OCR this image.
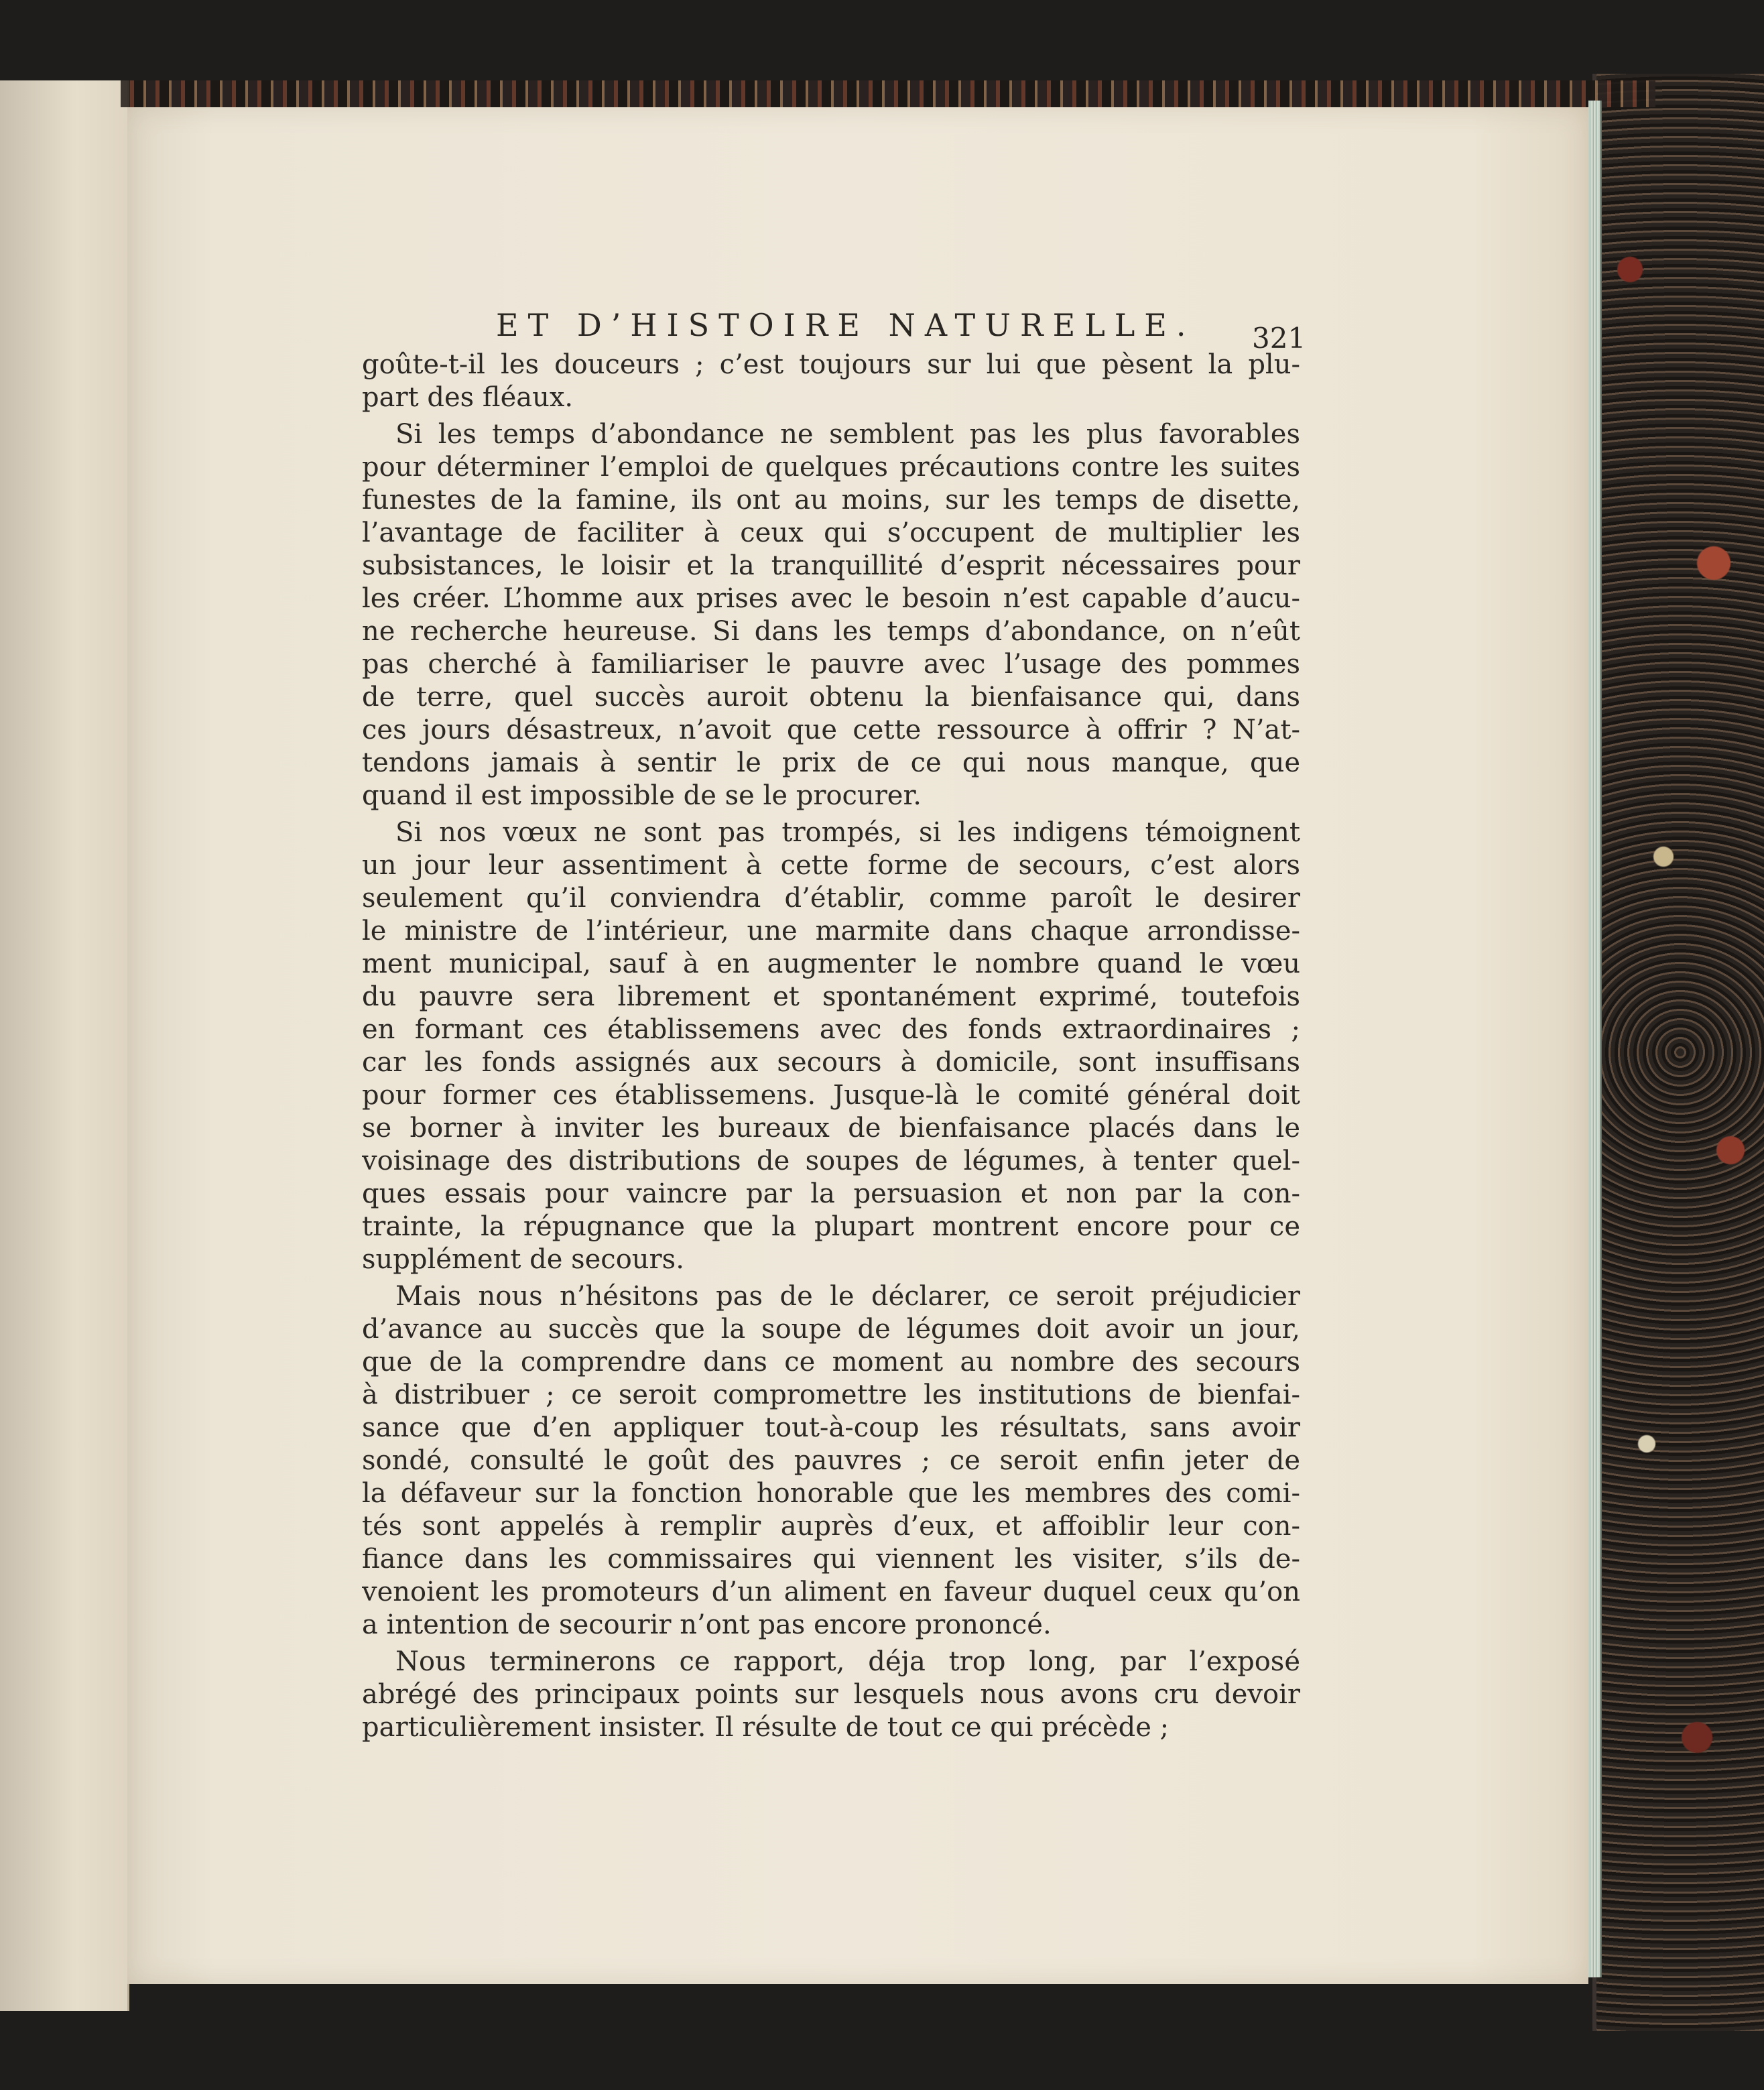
ET D’HISTOIRE NATURELLE.	321
goûte-t-il les douceurs ; c’est toujours sur lui que pèsent la plu-
part des fléaux.
Si les temps d’abondance ne semblent pas les plus favorables
pour déterminer l’emploi de quelques précautions contre les suites
funestes de la famine, ils ont au moins, sur les temps de disette,
l’avantage de faciliter à ceux qui s’occupent de multiplier les
subsistances, le loisir et la tranquillité d’esprit nécessaires pour
les créer. L’homme aux prises avec le besoin n’est capable d’aucu-
ne recherche heureuse. Si dans les temps d’abondance, on n’eût
pas cherché à familiariser le pauvre avec l’usage des pommes
de terre, quel succès auroit obtenu la bienfaisance qui, dans
ces jours désastreux, n’avoit que cette ressource à offrir ? N’at-
tendons jamais à sentir le prix de ce qui nous manque, que
quand il est impossible de se le procurer.
Si nos vœux ne sont pas trompés, si les indigens témoignent
un jour leur assentiment à cette forme de secours, c’est alors
seulement qu’il conviendra d’établir, comme paroît le desirer
le ministre de l’intérieur, une marmite dans chaque arrondisse-
ment municipal, sauf à en augmenter le nombre quand le vœu
du pauvre sera librement et spontanément exprimé, toutefois
en formant ces établissemens avec des fonds extraordinaires ;
car les fonds assignés aux secours à domicile, sont insuffisans
pour former ces établissemens. Jusque-là le comité général doit
se borner à inviter les bureaux de bienfaisance placés dans le
voisinage des distributions de soupes de légumes, à tenter quel-
ques essais pour vaincre par la persuasion et non par la con-
trainte, la répugnance que la plupart montrent encore pour ce
supplément de secours.
Mais nous n’hésitons pas de le déclarer, ce seroit préjudicier
d’avance au succès que la soupe de légumes doit avoir un jour,
que de la comprendre dans ce moment au nombre des secours
à distribuer ; ce seroit compromettre les institutions de bienfai-
sance que d’en appliquer tout-à-coup les résultats, sans avoir
sondé, consulté le goût des pauvres ; ce seroit enfin jeter de
la défaveur sur la fonction honorable que les membres des comi-
tés sont appelés à remplir auprès d’eux, et affoiblir leur con-
fiance dans les commissaires qui viennent les visiter, s’ils de-
venoient les promoteurs d’un aliment en faveur duquel ceux qu’on
a intention de secourir n’ont pas encore prononcé.
Nous terminerons ce rapport, déja trop long, par l’exposé
abrégé des principaux points sur lesquels nous avons cru devoir
particulièrement insister. Il résulte de tout ce qui précède ;
